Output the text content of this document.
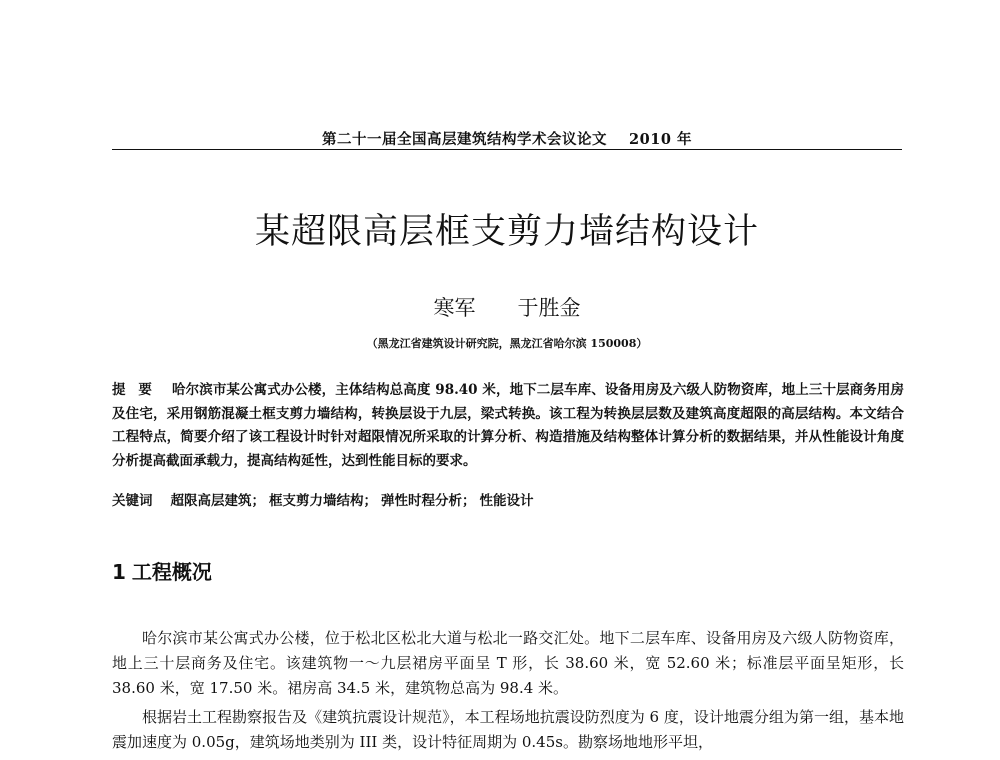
第二十一届全国高层建筑结构学术会议论文 2010 年
某超限高层框支剪力墙结构设计
寒军 于胜金
（黑龙江省建筑设计研究院，黑龙江省哈尔滨 150008）
提 要 哈尔滨市某公寓式办公楼，主体结构总高度 98.40 米，地下二层车库、设备用房及六级人防物资库，地上三十层商务用房及住宅，采用钢筋混凝土框支剪力墙结构，转换层设于九层，梁式转换。该工程为转换层层数及建筑高度超限的高层结构。本文结合工程特点，简要介绍了该工程设计时针对超限情况所采取的计算分析、构造措施及结构整体计算分析的数据结果，并从性能设计角度分析提高截面承载力，提高结构延性，达到性能目标的要求。
关键词 超限高层建筑； 框支剪力墙结构； 弹性时程分析； 性能设计
1 工程概况
哈尔滨市某公寓式办公楼，位于松北区松北大道与松北一路交汇处。地下二层车库、设备用房及六级人防物资库，地上三十层商务及住宅。该建筑物一～九层裙房平面呈 T 形，长 38.60 米，宽 52.60 米；标准层平面呈矩形，长 38.60 米，宽 17.50 米。裙房高 34.5 米，建筑物总高为 98.4 米。
根据岩土工程勘察报告及《建筑抗震设计规范》，本工程场地抗震设防烈度为 6 度，设计地震分组为第一组，基本地震加速度为 0.05g，建筑场地类别为 III 类，设计特征周期为 0.45s。勘察场地地形平坦，
